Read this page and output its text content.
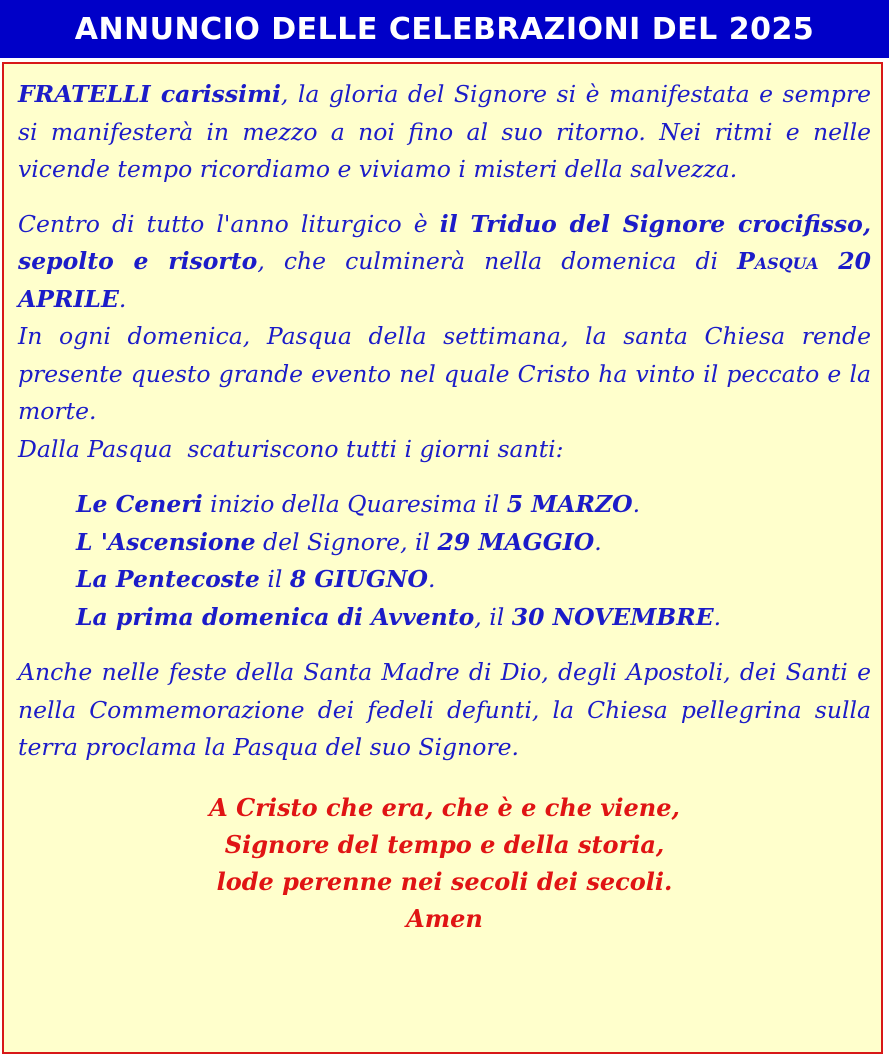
ANNUNCIO DELLE CELEBRAZIONI DEL 2025

FRATELLI carissimi, la gloria del Signore si è manifestata e sempre si manifesterà in mezzo a noi fino al suo ritorno. Nei ritmi e nelle vicende tempo ricordiamo e viviamo i misteri della salvezza.

Centro di tutto l'anno liturgico è il Triduo del Signore crocifisso, sepolto e risorto, che culminerà nella domenica di Pasqua 20 APRILE.

In ogni domenica, Pasqua della settimana, la santa Chiesa rende presente questo grande evento nel quale Cristo ha vinto il peccato e la morte.

Dalla Pasqua  scaturiscono tutti i giorni santi:

Le Ceneri inizio della Quaresima il 5 MARZO.

L 'Ascensione del Signore, il 29 MAGGIO.

La Pentecoste il 8 GIUGNO.

La prima domenica di Avvento, il 30 NOVEMBRE.

Anche nelle feste della Santa Madre di Dio, degli Apostoli, dei Santi e nella Commemorazione dei fedeli defunti, la Chiesa pellegrina sulla terra proclama la Pasqua del suo Signore.

A Cristo che era, che è e che viene,
Signore del tempo e della storia,
lode perenne nei secoli dei secoli.
Amen
